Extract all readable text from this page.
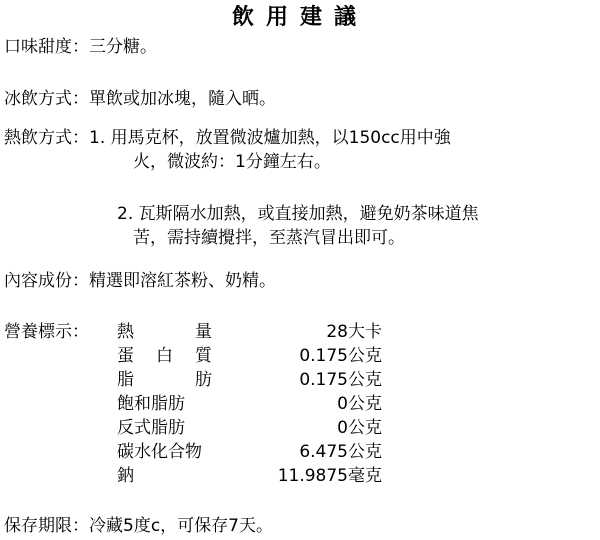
飲用建議
口味甜度：三分糖。
冰飲方式：單飲或加冰塊，隨入晒。
熱飲方式：1. 用馬克杯，放置微波爐加熱，以150cc用中強
火，微波約：1分鐘左右。
2. 瓦斯隔水加熱，或直接加熱，避免奶茶味道焦
苦，需持續攪拌，至蒸汽冒出即可。
內容成份：精選即溶紅茶粉、奶精。
營養標示： 熱	量	28大卡
蛋 白 質	0.175公克
脂	肪	0.175公克
飽和脂肪	0公克
反式脂肪	0公克
碳水化合物	6.475公克
鈉	11.9875毫克
保存期限：冷藏5度c，可保存7天。
